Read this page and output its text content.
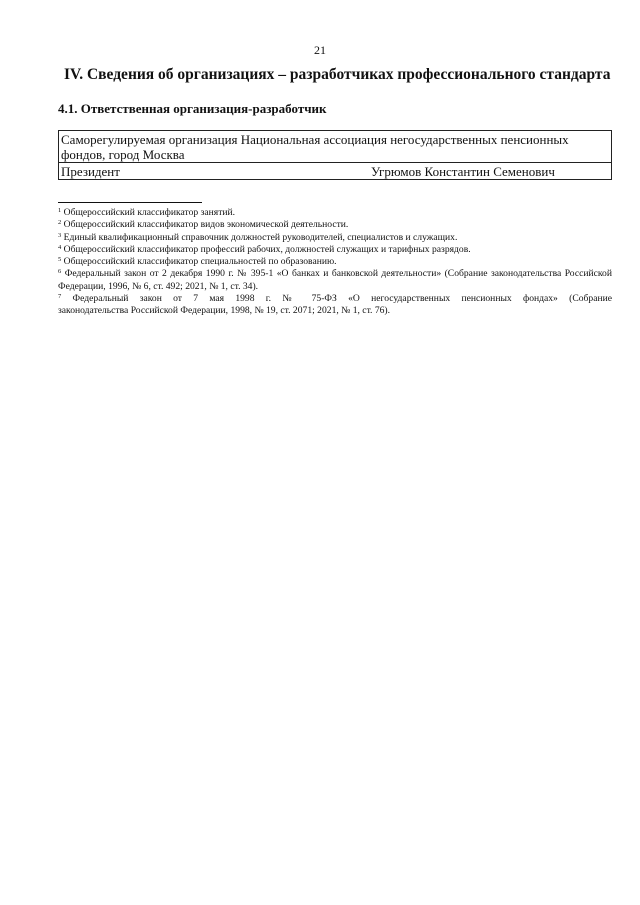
21
IV. Сведения об организациях – разработчиках профессионального стандарта
4.1. Ответственная организация-разработчик
Саморегулируемая организация Национальная ассоциация негосударственных пенсионных
фондов, город Москва

Президент	Угрюмов Константин Семенович

$^1$ Общероссийский классификатор занятий.

$^2$ Общероссийский классификатор видов экономической деятельности.

$^3$ Единый квалификационный справочник должностей руководителей, специалистов и служащих.

$^4$ Общероссийский классификатор профессий рабочих, должностей служащих и тарифных разрядов.

$^5$ Общероссийский классификатор специальностей по образованию.

$^6$ Федеральный закон от 2 декабря 1990 г. № 395-1 «О банках и банковской деятельности» (Собрание законодательства Российской Федерации, 1996, № 6, ст. 492; 2021, № 1, ст. 34).

$^7$ Федеральный закон от 7 мая 1998 г. № 75-ФЗ «О негосударственных пенсионных фондах» (Собрание

законодательства Российской Федерации, 1998, № 19, ст. 2071; 2021, № 1, ст. 76).
